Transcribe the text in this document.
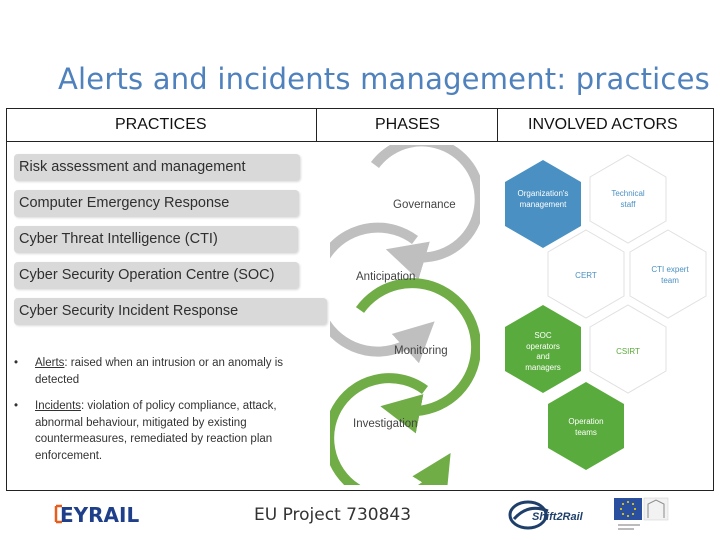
Alerts and incidents management: practices
PRACTICES	PHASES	INVOLVED ACTORS
Risk assessment and management
Computer Emergency Response
Cyber Threat Intelligence (CTI)
Cyber Security Operation Centre (SOC)
Cyber Security Incident Response
• Alerts: raised when an intrusion or an anomaly is detected
• Incidents: violation of policy compliance, attack, abnormal behaviour, mitigated by existing countermeasures, remediated by reaction plan enforcement.
Governance
Anticipation
Monitoring
Investigation
Organization's
management
Technical
staff
CERT
CTI expert
team
SOC
operators
and
managers
CSIRT
Operation
teams
EYRAIL	EU Project 730843	Shift2Rail
